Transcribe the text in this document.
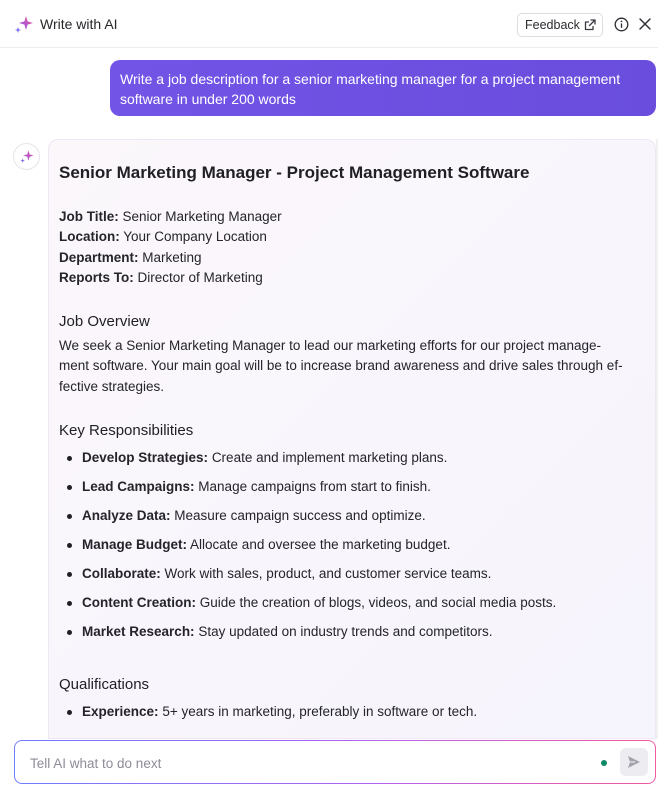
Write with AI	Feedback
Write a job description for a senior marketing manager for a project management software in under 200 words
Senior Marketing Manager - Project Management Software
Job Title: Senior Marketing Manager
Location: Your Company Location
Department: Marketing
Reports To: Director of Marketing
Job Overview
We seek a Senior Marketing Manager to lead our marketing efforts for our project manage-
ment software. Your main goal will be to increase brand awareness and drive sales through ef-
fective strategies.
Key Responsibilities
Develop Strategies: Create and implement marketing plans.
Lead Campaigns: Manage campaigns from start to finish.
Analyze Data: Measure campaign success and optimize.
Manage Budget: Allocate and oversee the marketing budget.
Collaborate: Work with sales, product, and customer service teams.
Content Creation: Guide the creation of blogs, videos, and social media posts.
Market Research: Stay updated on industry trends and competitors.
Qualifications
Experience: 5+ years in marketing, preferably in software or tech.
Tell AI what to do next
